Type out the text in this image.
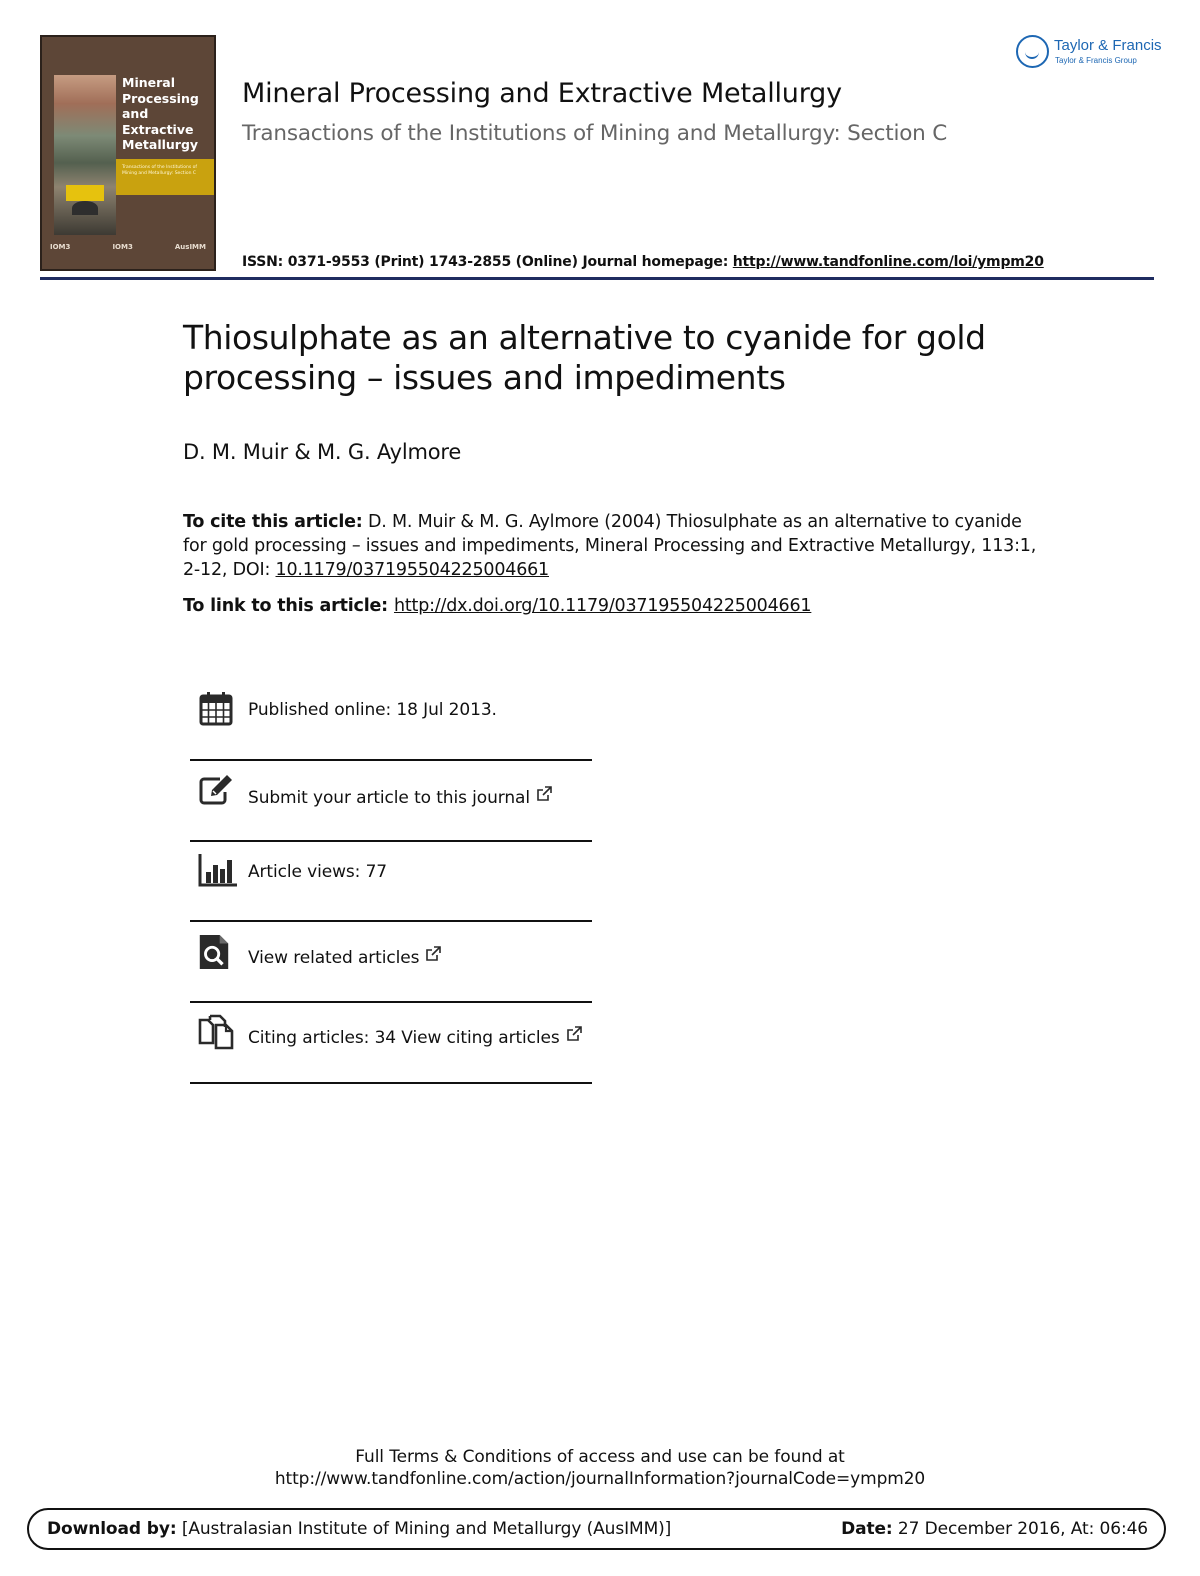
Mineral
Processing
and
Extractive
Metallurgy
Transactions of the Institutions of Mining and Metallurgy: Section C
IOM3	IOM3	AusIMM
Mineral Processing and Extractive Metallurgy
Transactions of the Institutions of Mining and Metallurgy: Section C
ISSN: 0371-9553 (Print) 1743-2855 (Online) Journal homepage: http://www.tandfonline.com/loi/ympm20
Taylor & Francis
Taylor & Francis Group
Thiosulphate as an alternative to cyanide for gold processing – issues and impediments
D. M. Muir & M. G. Aylmore
To cite this article: D. M. Muir & M. G. Aylmore (2004) Thiosulphate as an alternative to cyanide for gold processing – issues and impediments, Mineral Processing and Extractive Metallurgy, 113:1, 2-12, DOI: 10.1179/037195504225004661
To link to this article: http://dx.doi.org/10.1179/037195504225004661
Published online: 18 Jul 2013.
Submit your article to this journal
Article views: 77
View related articles
Citing articles: 34 View citing articles
Full Terms & Conditions of access and use can be found at
http://www.tandfonline.com/action/journalInformation?journalCode=ympm20
Download by: [Australasian Institute of Mining and Metallurgy (AusIMM)]	Date: 27 December 2016, At: 06:46
